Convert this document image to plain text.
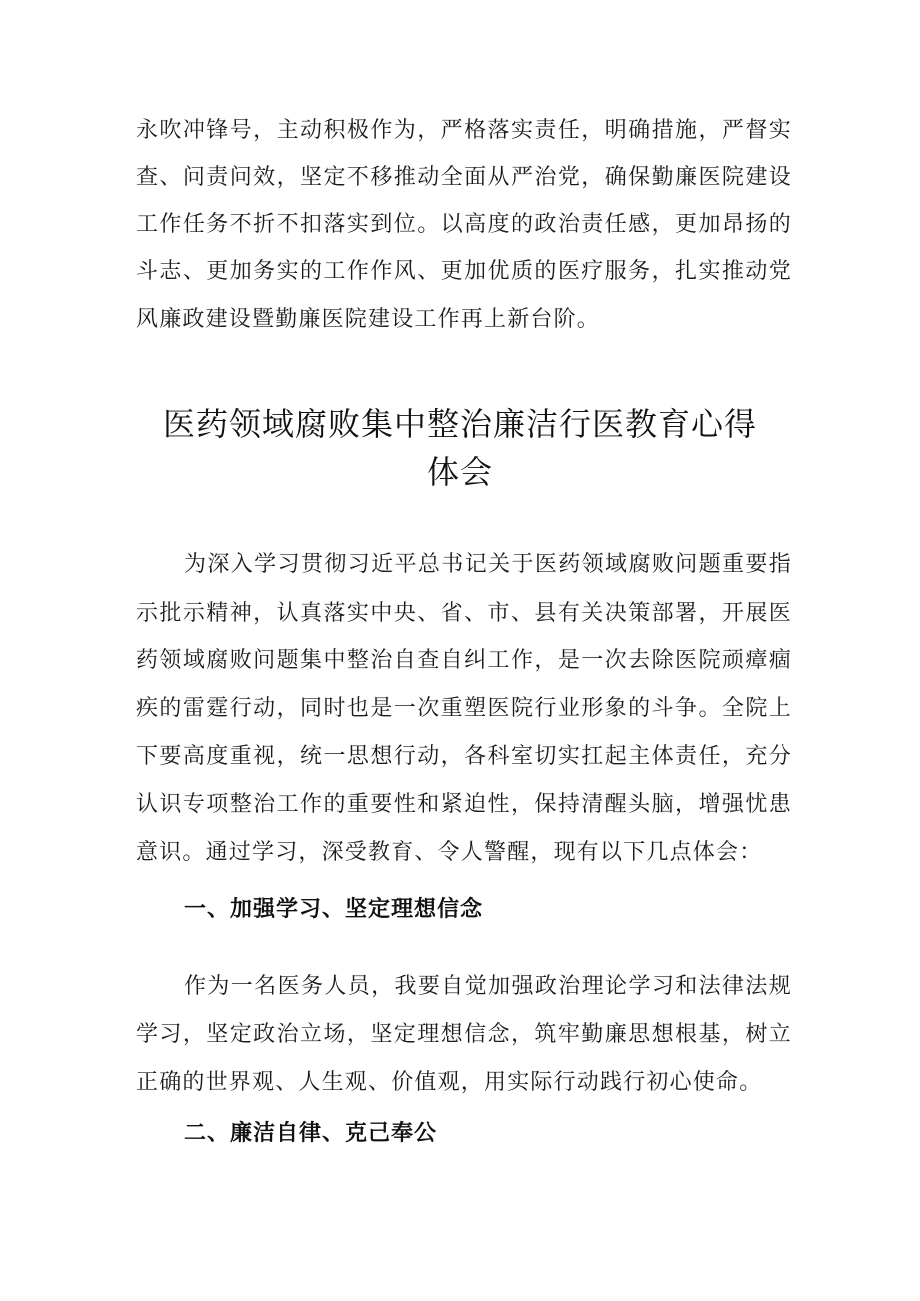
永吹冲锋号，主动积极作为，严格落实责任，明确措施，严督实
查、问责问效，坚定不移推动全面从严治党，确保勤廉医院建设
工作任务不折不扣落实到位。以高度的政治责任感，更加昂扬的
斗志、更加务实的工作作风、更加优质的医疗服务，扎实推动党
风廉政建设暨勤廉医院建设工作再上新台阶。
医药领域腐败集中整治廉洁行医教育心得
体会
为深入学习贯彻习近平总书记关于医药领域腐败问题重要指
示批示精神，认真落实中央、省、市、县有关决策部署，开展医
药领域腐败问题集中整治自查自纠工作，是一次去除医院顽瘴痼
疾的雷霆行动，同时也是一次重塑医院行业形象的斗争。全院上
下要高度重视，统一思想行动，各科室切实扛起主体责任，充分
认识专项整治工作的重要性和紧迫性，保持清醒头脑，增强忧患
意识。通过学习，深受教育、令人警醒，现有以下几点体会：
一、加强学习、坚定理想信念
作为一名医务人员，我要自觉加强政治理论学习和法律法规
学习，坚定政治立场，坚定理想信念，筑牢勤廉思想根基，树立
正确的世界观、人生观、价值观，用实际行动践行初心使命。
二、廉洁自律、克己奉公
